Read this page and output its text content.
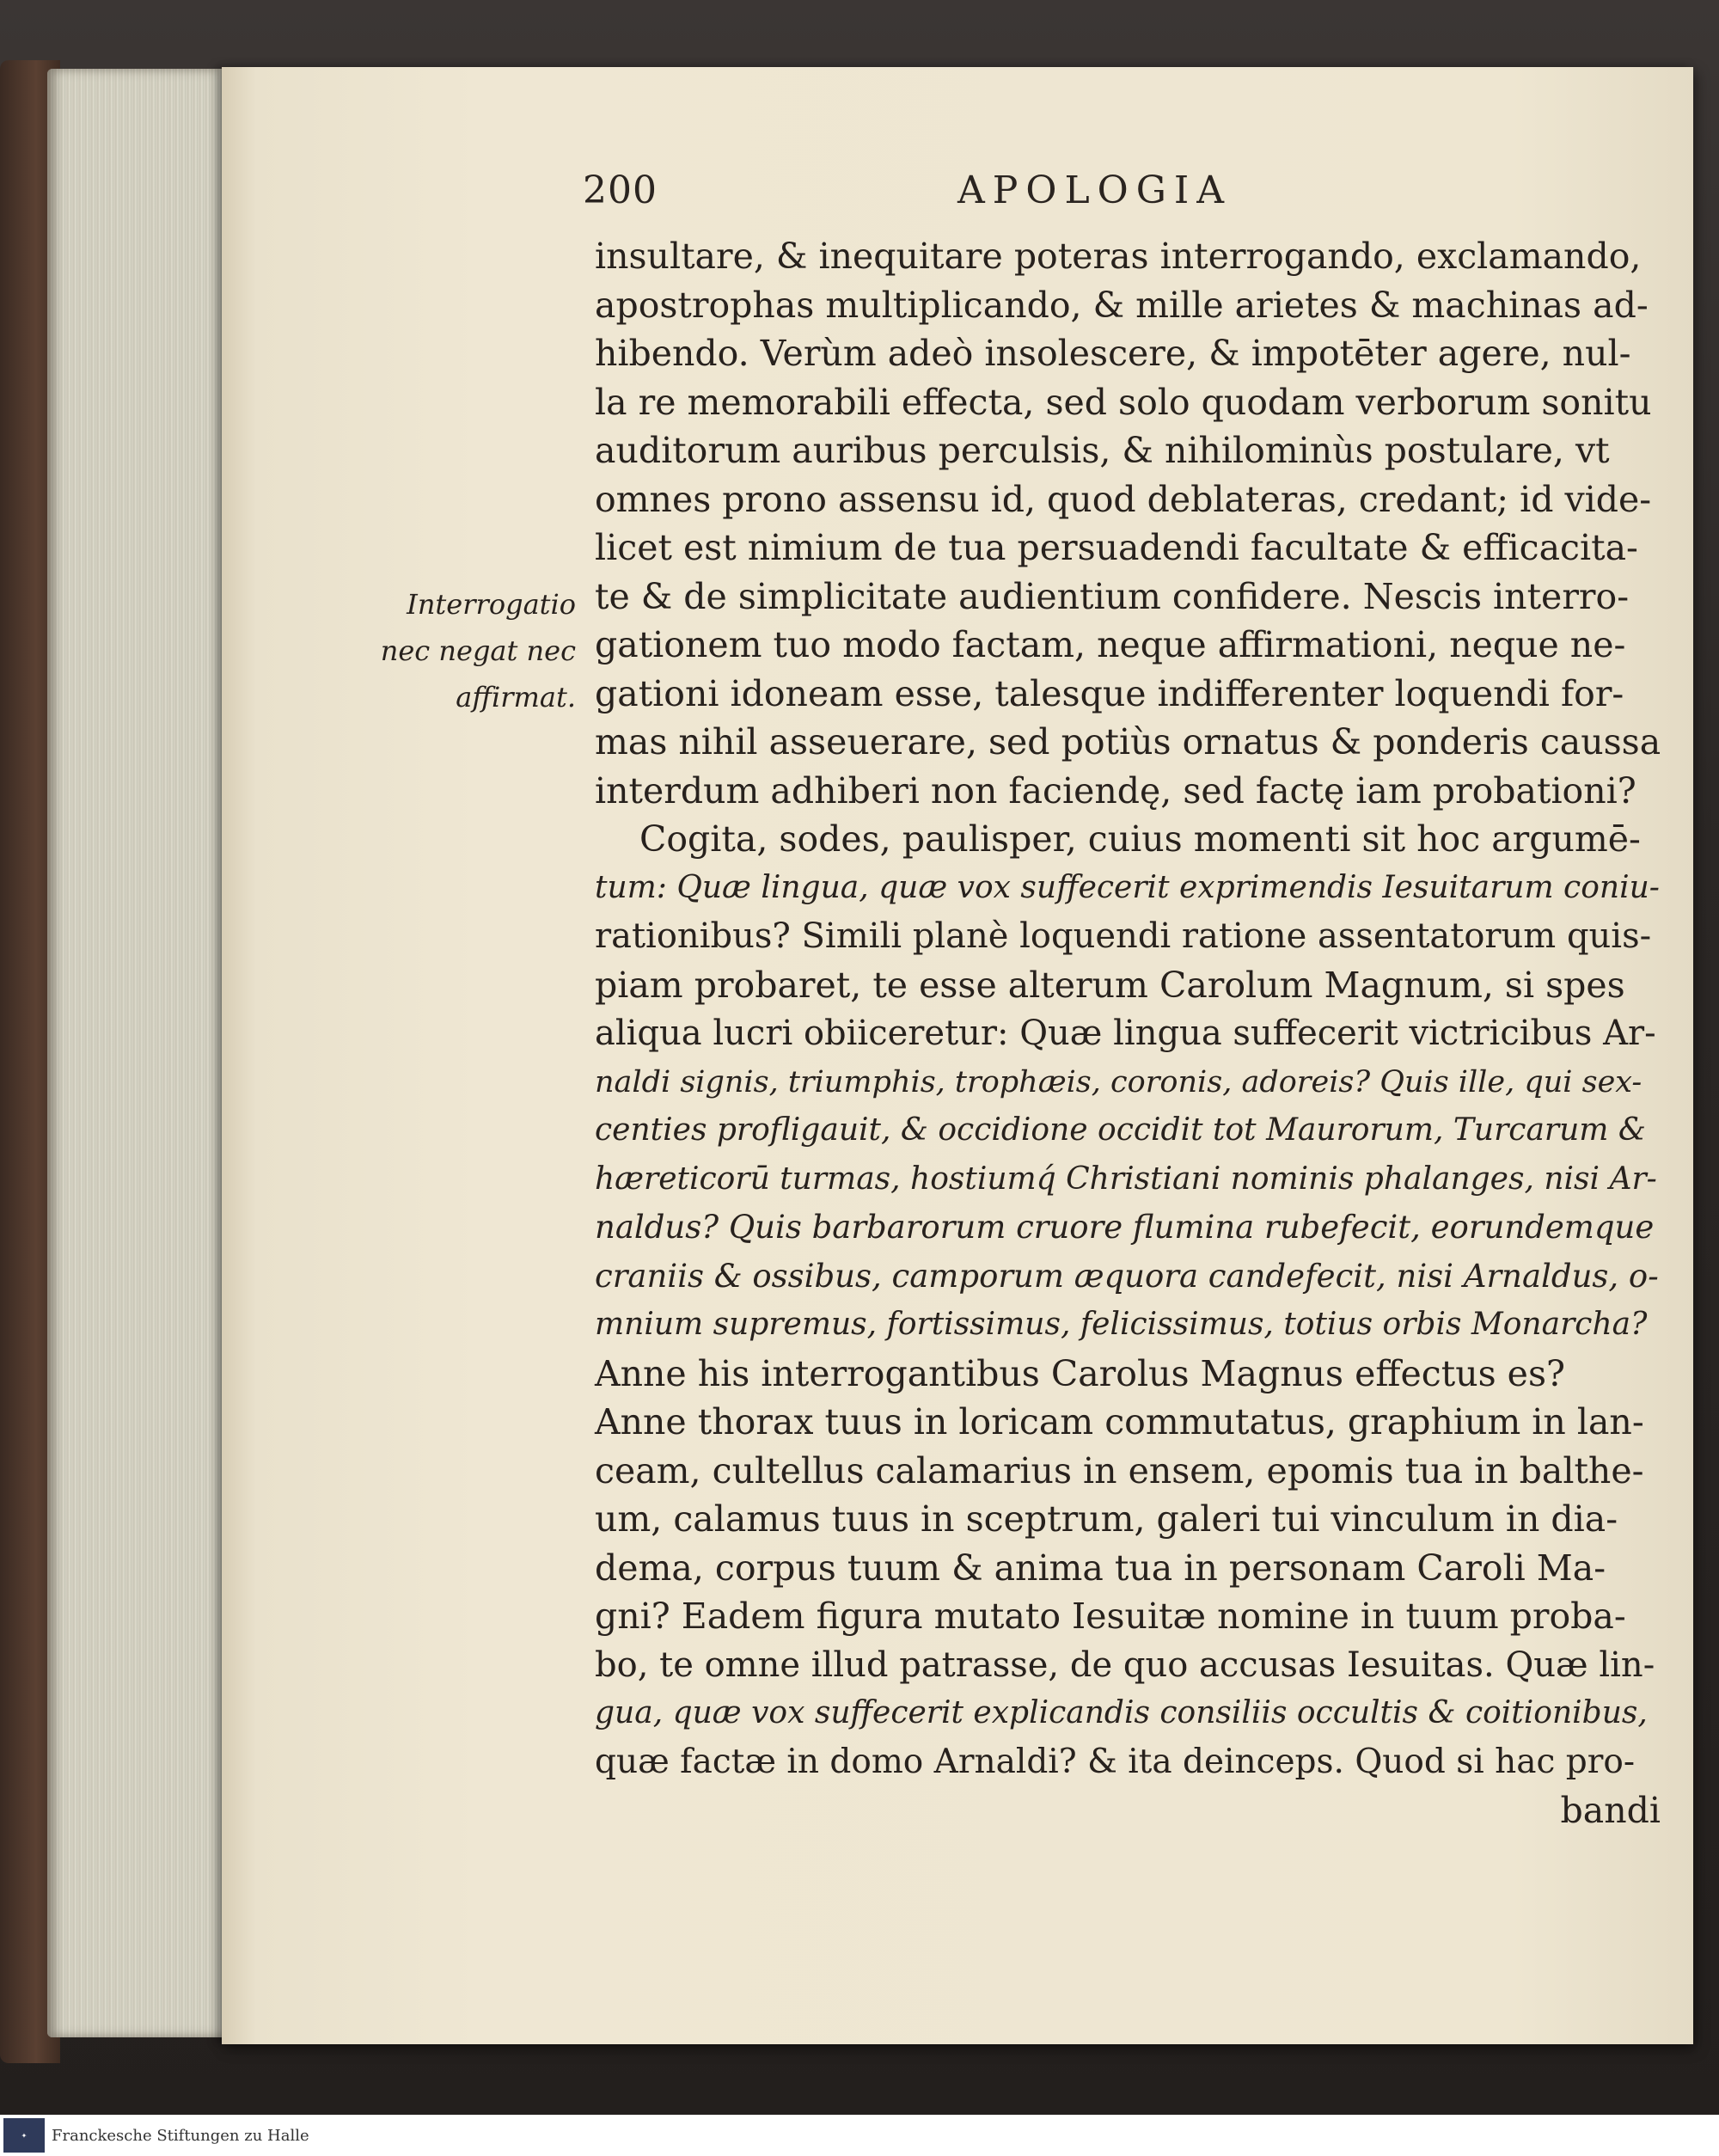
200	APOLOGIA
Interrogatio
nec negat nec
affirmat.
insultare, & inequitare poteras interrogando, exclamando,
apostrophas multiplicando, & mille arietes & machinas ad-
hibendo. Verùm adeò insolescere, & impotēter agere, nul-
la re memorabili effecta, sed solo quodam verborum sonitu
auditorum auribus perculsis, & nihilominùs postulare, vt
omnes prono assensu id, quod deblateras, credant; id vide-
licet est nimium de tua persuadendi facultate & efficacita-
te & de simplicitate audientium confidere. Nescis interro-
gationem tuo modo factam, neque affirmationi, neque ne-
gationi idoneam esse, talesque indifferenter loquendi for-
mas nihil asseuerare, sed potiùs ornatus & ponderis caussa
interdum adhiberi non faciendę, sed factę iam probationi?
Cogita, sodes, paulisper, cuius momenti sit hoc argumē-
tum: Quæ lingua, quæ vox suffecerit exprimendis Iesuitarum coniu-
rationibus? Simili planè loquendi ratione assentatorum quis-
piam probaret, te esse alterum Carolum Magnum, si spes
aliqua lucri obiiceretur: Quæ lingua suffecerit victricibus Ar-
naldi signis, triumphis, trophæis, coronis, adoreis? Quis ille, qui sex-
centies profligauit, & occidione occidit tot Maurorum, Turcarum &
hæreticorū turmas, hostiumq́ Christiani nominis phalanges, nisi Ar-
naldus? Quis barbarorum cruore flumina rubefecit, eorundemque
craniis & ossibus, camporum æquora candefecit, nisi Arnaldus, o-
mnium supremus, fortissimus, felicissimus, totius orbis Monarcha?
Anne his interrogantibus Carolus Magnus effectus es?
Anne thorax tuus in loricam commutatus, graphium in lan-
ceam, cultellus calamarius in ensem, epomis tua in balthe-
um, calamus tuus in sceptrum, galeri tui vinculum in dia-
dema, corpus tuum & anima tua in personam Caroli Ma-
gni? Eadem figura mutato Iesuitæ nomine in tuum proba-
bo, te omne illud patrasse, de quo accusas Iesuitas. Quæ lin-
gua, quæ vox suffecerit explicandis consiliis occultis & coitionibus,
quæ factæ in domo Arnaldi? & ita deinceps. Quod si hac pro-
bandi
✦ Franckesche Stiftungen zu Halle
